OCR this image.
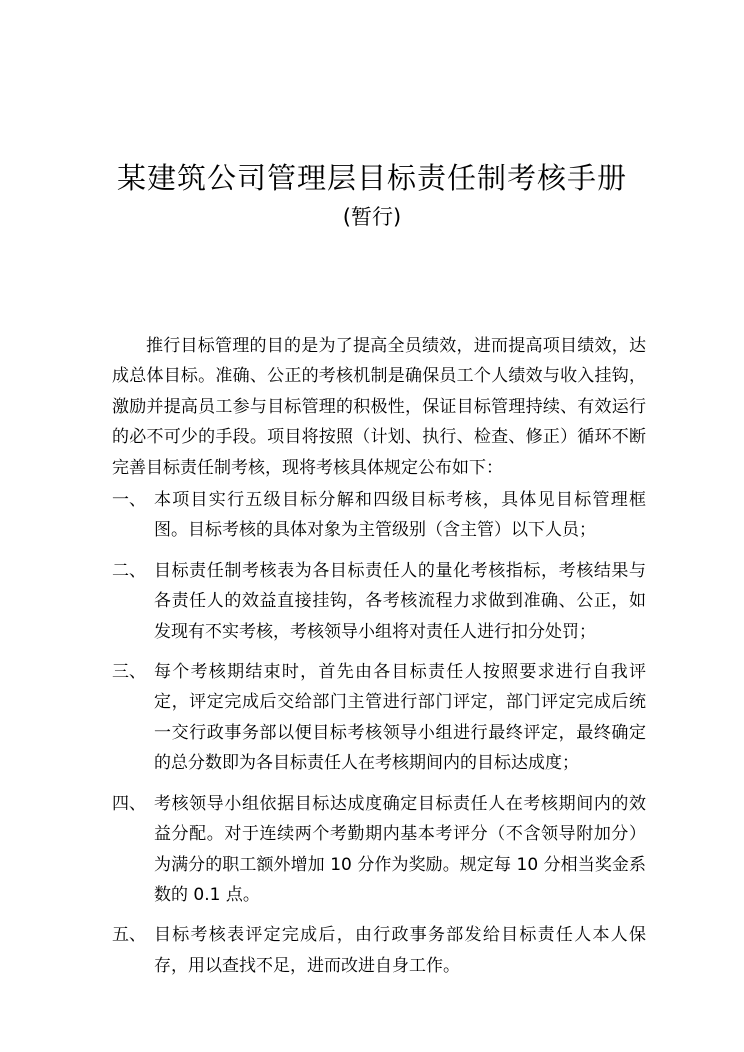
某建筑公司管理层目标责任制考核手册
(暂行)

推行目标管理的目的是为了提高全员绩效，进而提高项目绩效，达成总体目标。准确、公正的考核机制是确保员工个人绩效与收入挂钩，激励并提高员工参与目标管理的积极性，保证目标管理持续、有效运行的必不可少的手段。项目将按照（计划、执行、检查、修正）循环不断完善目标责任制考核，现将考核具体规定公布如下：

一、 本项目实行五级目标分解和四级目标考核，具体见目标管理框图。目标考核的具体对象为主管级别（含主管）以下人员；
二、 目标责任制考核表为各目标责任人的量化考核指标，考核结果与各责任人的效益直接挂钩，各考核流程力求做到准确、公正，如发现有不实考核，考核领导小组将对责任人进行扣分处罚；
三、 每个考核期结束时，首先由各目标责任人按照要求进行自我评定，评定完成后交给部门主管进行部门评定，部门评定完成后统一交行政事务部以便目标考核领导小组进行最终评定，最终确定的总分数即为各目标责任人在考核期间内的目标达成度；
四、 考核领导小组依据目标达成度确定目标责任人在考核期间内的效益分配。对于连续两个考勤期内基本考评分（不含领导附加分）为满分的职工额外增加 10 分作为奖励。规定每 10 分相当奖金系数的 0.1 点。
五、 目标考核表评定完成后，由行政事务部发给目标责任人本人保存，用以查找不足，进而改进自身工作。
